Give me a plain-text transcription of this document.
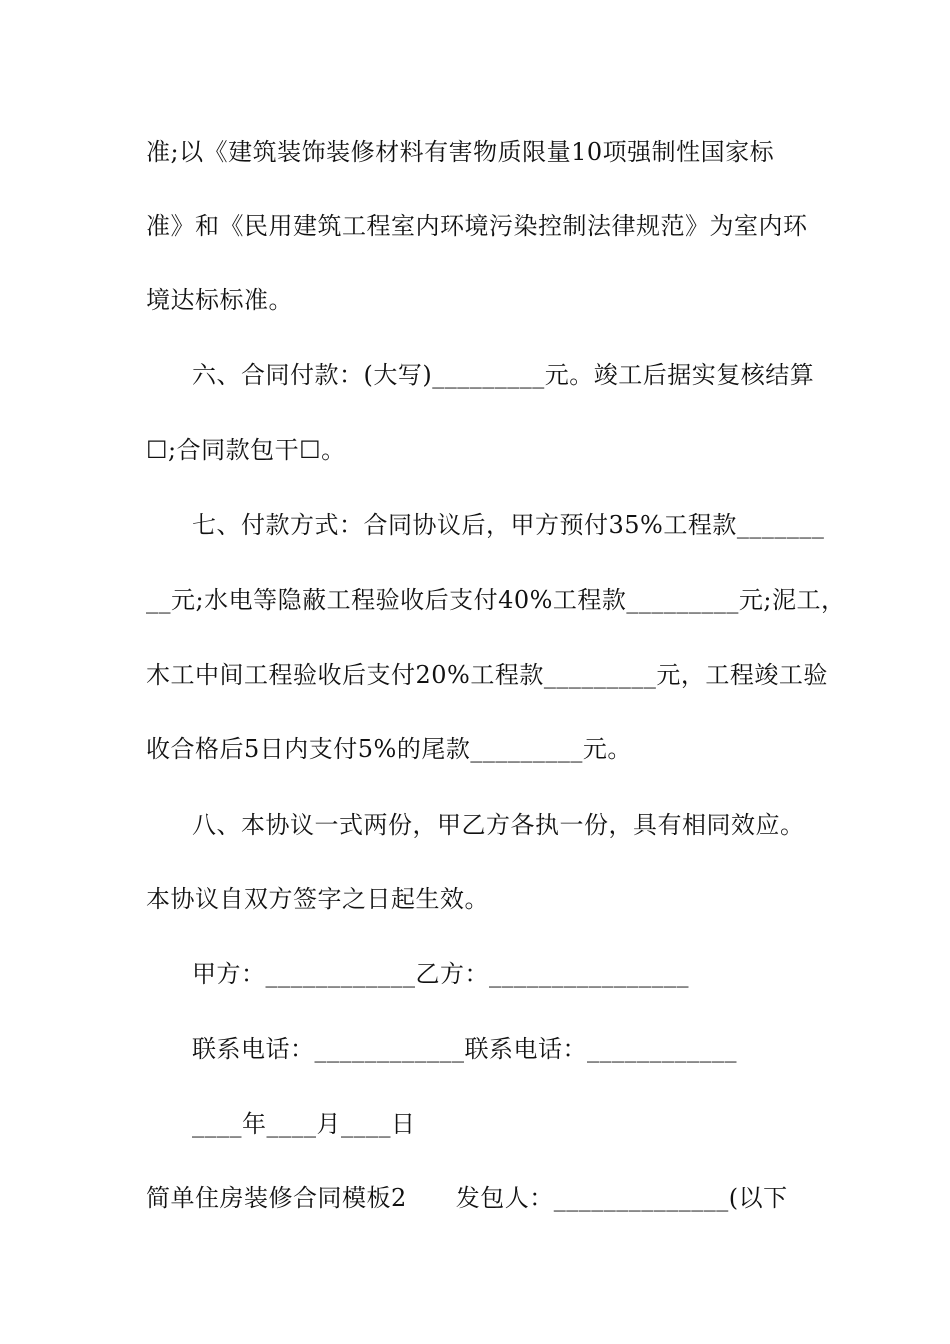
准;以《建筑装饰装修材料有害物质限量10项强制性国家标
准》和《民用建筑工程室内环境污染控制法律规范》为室内环
境达标标准。
六、合同付款：(大写)_________元。竣工后据实复核结算
☐;合同款包干☐。
七、付款方式：合同协议后，甲方预付35%工程款_______
__元;水电等隐蔽工程验收后支付40%工程款_________元;泥工，
木工中间工程验收后支付20%工程款_________元，工程竣工验
收合格后5日内支付5%的尾款_________元。
八、本协议一式两份，甲乙方各执一份，具有相同效应。
本协议自双方签字之日起生效。
甲方：____________乙方：________________
联系电话：____________联系电话：____________
____年____月____日
简单住房装修合同模板2　　发包人：______________(以下
